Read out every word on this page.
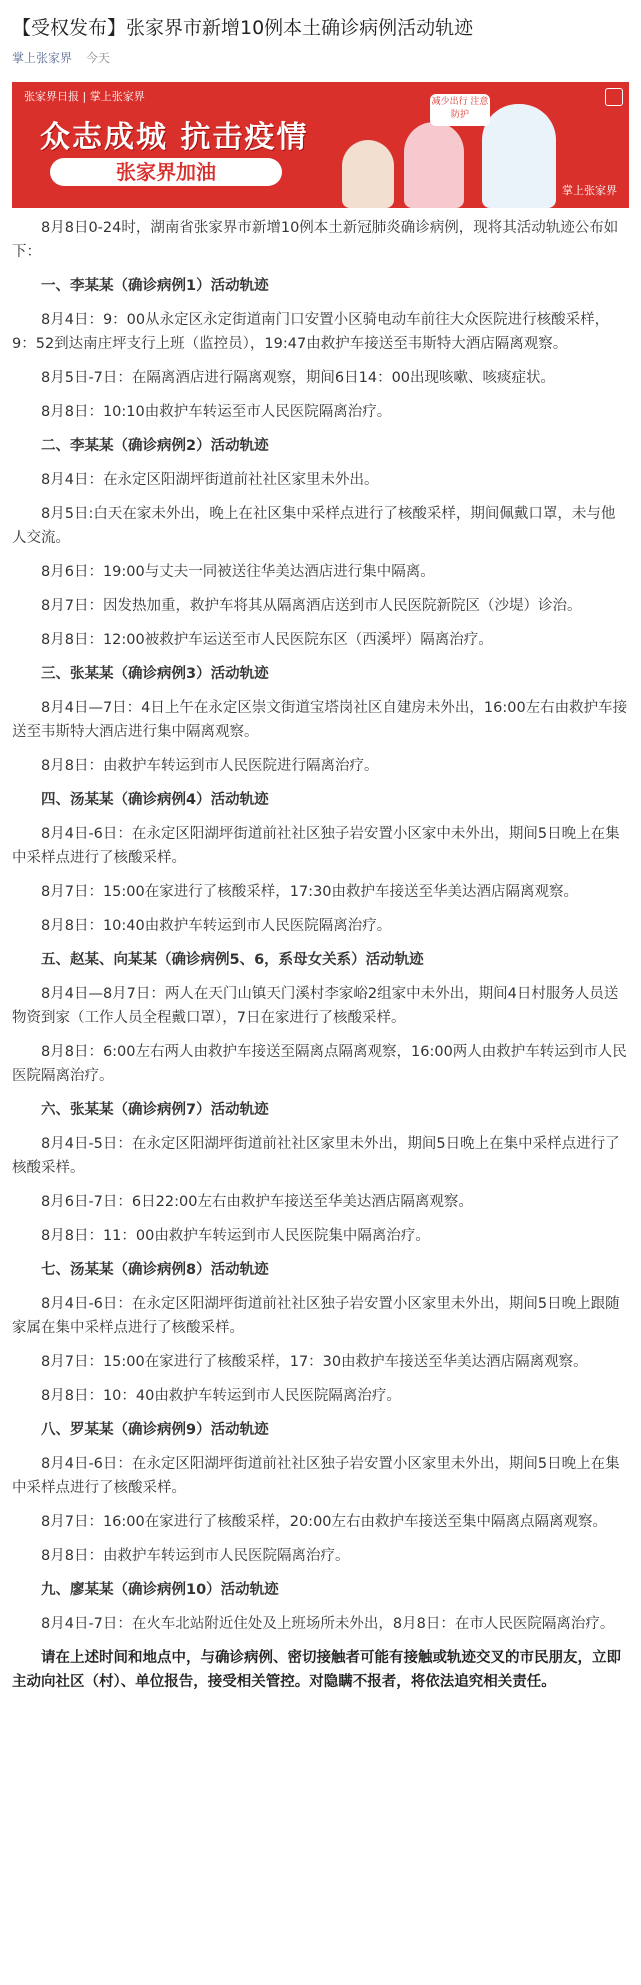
【受权发布】张家界市新增10例本土确诊病例活动轨迹
掌上张家界 今天
张家界日报 | 掌上张家界
众志成城 抗击疫情
张家界加油
减少出行 注意防护
掌上张家界

8月8日0-24时，湖南省张家界市新增10例本土新冠肺炎确诊病例，现将其活动轨迹公布如下：

一、李某某（确诊病例1）活动轨迹

8月4日：9：00从永定区永定街道南门口安置小区骑电动车前往大众医院进行核酸采样，9：52到达南庄坪支行上班（监控员），19:47由救护车接送至韦斯特大酒店隔离观察。

8月5日-7日：在隔离酒店进行隔离观察，期间6日14：00出现咳嗽、咳痰症状。

8月8日：10:10由救护车转运至市人民医院隔离治疗。

二、李某某（确诊病例2）活动轨迹

8月4日：在永定区阳湖坪街道前社社区家里未外出。

8月5日:白天在家未外出，晚上在社区集中采样点进行了核酸采样，期间佩戴口罩，未与他人交流。

8月6日：19:00与丈夫一同被送往华美达酒店进行集中隔离。

8月7日：因发热加重，救护车将其从隔离酒店送到市人民医院新院区（沙堤）诊治。

8月8日：12:00被救护车运送至市人民医院东区（西溪坪）隔离治疗。

三、张某某（确诊病例3）活动轨迹

8月4日—7日：4日上午在永定区崇文街道宝塔岗社区自建房未外出，16:00左右由救护车接送至韦斯特大酒店进行集中隔离观察。

8月8日：由救护车转运到市人民医院进行隔离治疗。

四、汤某某（确诊病例4）活动轨迹

8月4日-6日：在永定区阳湖坪街道前社社区独子岩安置小区家中未外出，期间5日晚上在集中采样点进行了核酸采样。

8月7日：15:00在家进行了核酸采样，17:30由救护车接送至华美达酒店隔离观察。

8月8日：10:40由救护车转运到市人民医院隔离治疗。

五、赵某、向某某（确诊病例5、6，系母女关系）活动轨迹

8月4日—8月7日：两人在天门山镇天门溪村李家峪2组家中未外出，期间4日村服务人员送物资到家（工作人员全程戴口罩），7日在家进行了核酸采样。

8月8日：6:00左右两人由救护车接送至隔离点隔离观察，16:00两人由救护车转运到市人民医院隔离治疗。

六、张某某（确诊病例7）活动轨迹

8月4日-5日：在永定区阳湖坪街道前社社区家里未外出，期间5日晚上在集中采样点进行了核酸采样。

8月6日-7日：6日22:00左右由救护车接送至华美达酒店隔离观察。

8月8日：11：00由救护车转运到市人民医院集中隔离治疗。

七、汤某某（确诊病例8）活动轨迹

8月4日-6日：在永定区阳湖坪街道前社社区独子岩安置小区家里未外出，期间5日晚上跟随家属在集中采样点进行了核酸采样。

8月7日：15:00在家进行了核酸采样，17：30由救护车接送至华美达酒店隔离观察。

8月8日：10：40由救护车转运到市人民医院隔离治疗。

八、罗某某（确诊病例9）活动轨迹

8月4日-6日：在永定区阳湖坪街道前社社区独子岩安置小区家里未外出，期间5日晚上在集中采样点进行了核酸采样。

8月7日：16:00在家进行了核酸采样，20:00左右由救护车接送至集中隔离点隔离观察。

8月8日：由救护车转运到市人民医院隔离治疗。

九、廖某某（确诊病例10）活动轨迹

8月4日-7日：在火车北站附近住处及上班场所未外出，8月8日：在市人民医院隔离治疗。

请在上述时间和地点中，与确诊病例、密切接触者可能有接触或轨迹交叉的市民朋友，立即主动向社区（村）、单位报告，接受相关管控。对隐瞒不报者，将依法追究相关责任。
